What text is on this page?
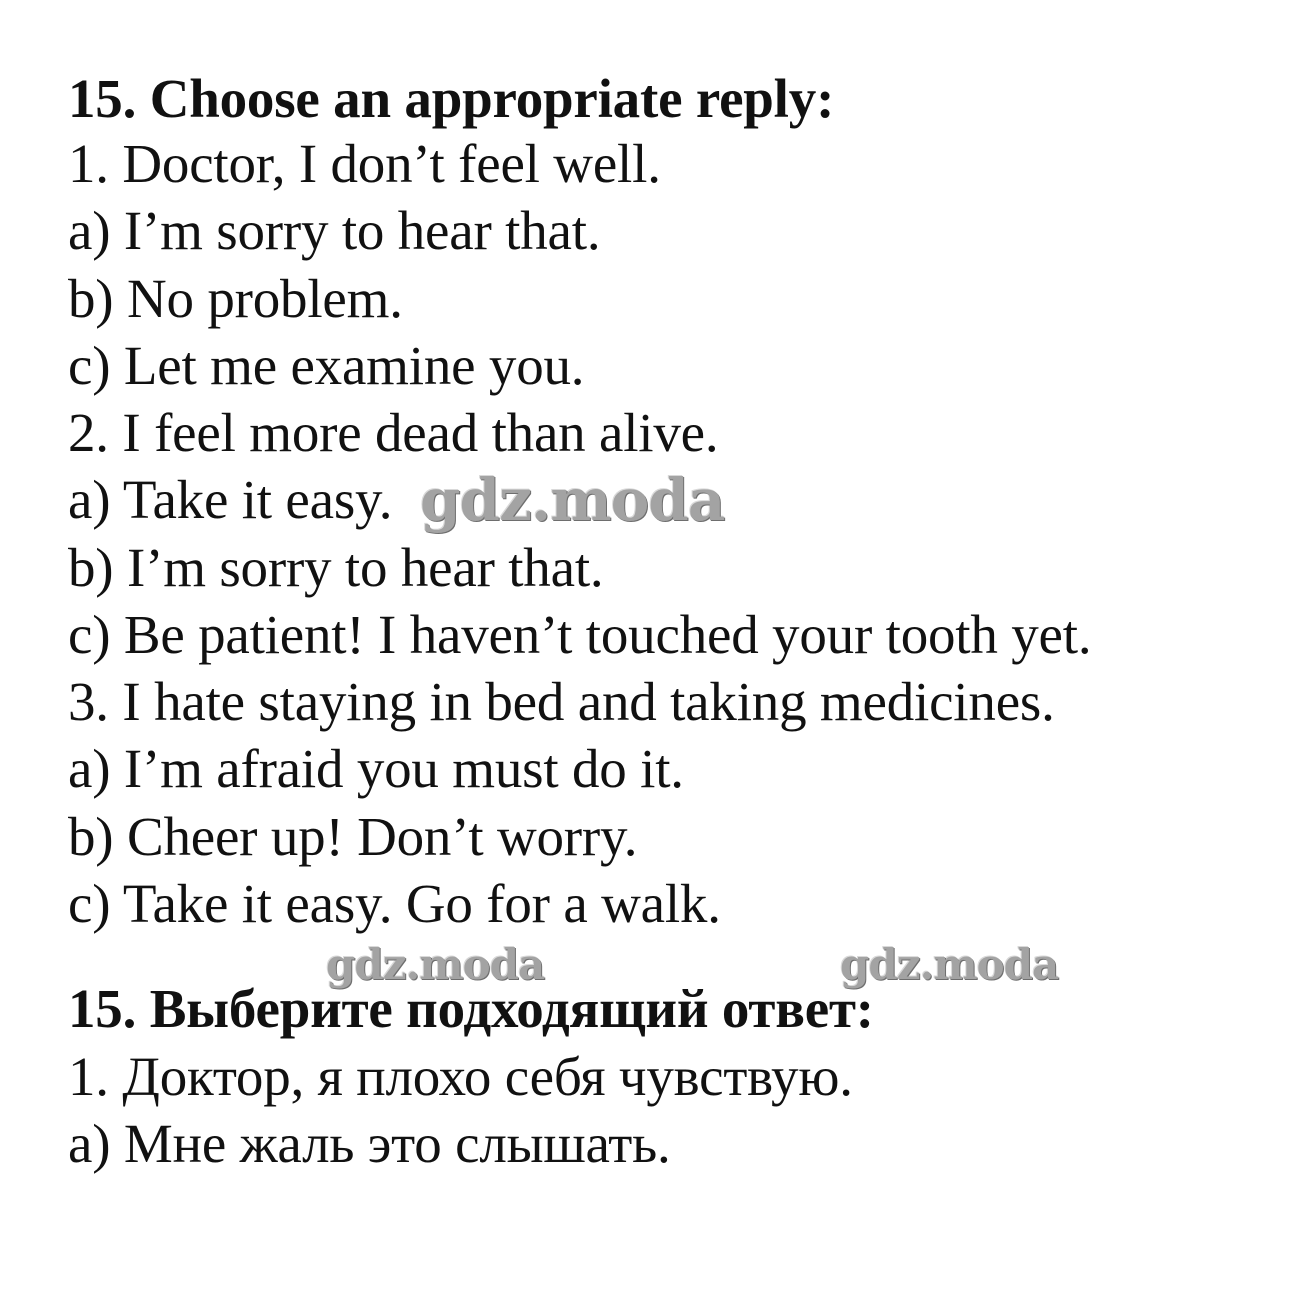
15. Choose an appropriate reply:
1. Doctor, I don’t feel well.
a) I’m sorry to hear that.
b) No problem.
c) Let me examine you.
2. I feel more dead than alive.
a) Take it easy.
b) I’m sorry to hear that.
c) Be patient! I haven’t touched your tooth yet.
3. I hate staying in bed and taking medicines.
a) I’m afraid you must do it.
b) Cheer up! Don’t worry.
c) Take it easy. Go for a walk.
15. Выберите подходящий ответ:
1. Доктор, я плохо себя чувствую.
а) Мне жаль это слышать.
gdz.moda
gdz.moda	gdz.moda
